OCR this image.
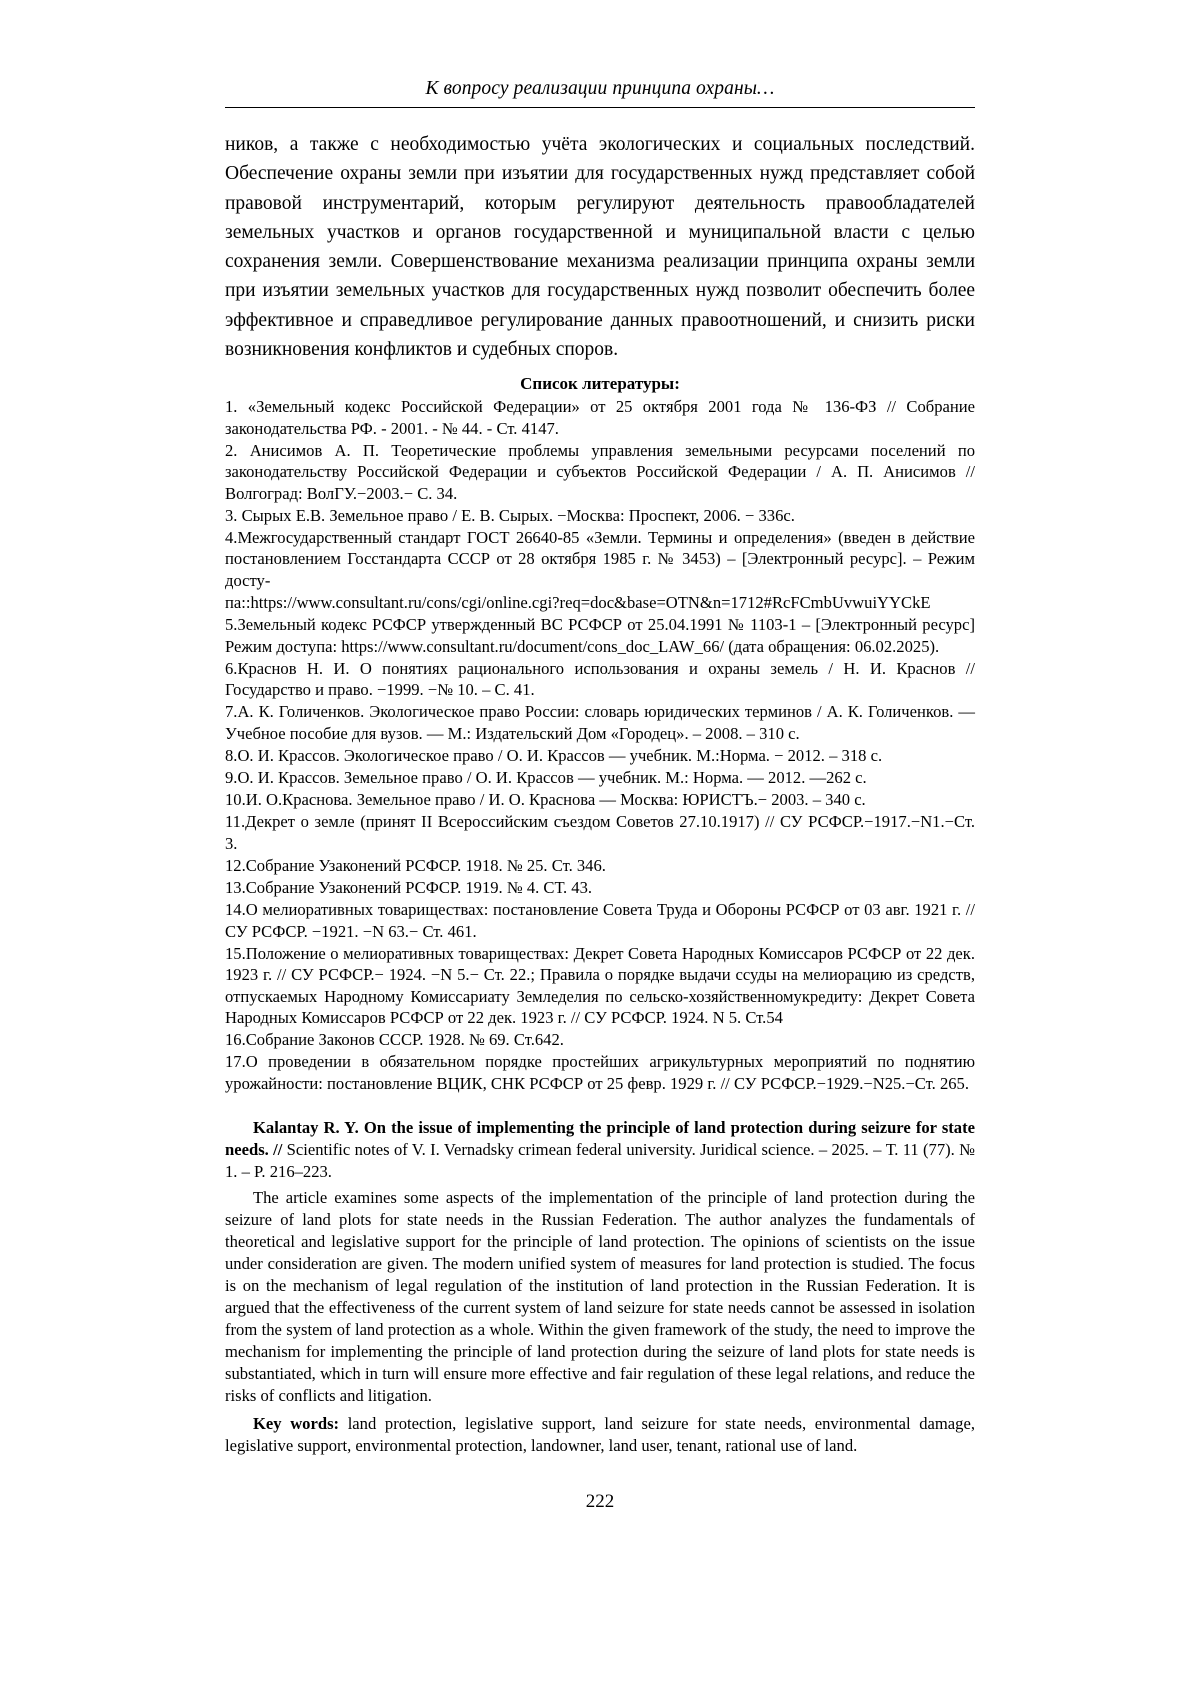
К вопросу реализации принципа охраны…

ников, а также с необходимостью учёта экологических и социальных последствий. Обеспечение охраны земли при изъятии для государственных нужд представляет собой правовой инструментарий, которым регулируют деятельность правообладателей земельных участков и органов государственной и муниципальной власти с целью сохранения земли. Совершенствование механизма реализации принципа охраны земли при изъятии земельных участков для государственных нужд позволит обеспечить более эффективное и справедливое регулирование данных правоотношений, и снизить риски возникновения конфликтов и судебных споров.

Список литературы:
1. «Земельный кодекс Российской Федерации» от 25 октября 2001 года № 136-ФЗ // Собрание законодательства РФ. - 2001. - № 44. - Ст. 4147.
2. Анисимов А. П. Теоретические проблемы управления земельными ресурсами поселений по законодательству Российской Федерации и субъектов Российской Федерации / А. П. Анисимов // Волгоград: ВолГУ.−2003.− С. 34.
3. Сырых Е.В. Земельное право / Е. В. Сырых. −Москва: Проспект, 2006. − 336с.
4.Межгосударственный стандарт ГОСТ 26640-85 «Земли. Термины и определения» (введен в действие постановлением Госстандарта СССР от 28 октября 1985 г. № 3453) – [Электронный ресурс]. – Режим досту-
па::https://www.consultant.ru/cons/cgi/online.cgi?req=doc&base=OTN&n=1712#RcFCmbUvwuiYYCkE
5.Земельный кодекс РСФСР утвержденный ВС РСФСР от 25.04.1991 № 1103-1 – [Электронный ресурс] Режим доступа: https://www.consultant.ru/document/cons_doc_LAW_66/ (дата обращения: 06.02.2025).
6.Краснов Н. И. О понятиях рационального использования и охраны земель / Н. И. Краснов // Государство и право. −1999. −№ 10. – С. 41.
7.А. К. Голиченков. Экологическое право России: словарь юридических терминов / А. К. Голиченков. — Учебное пособие для вузов. — М.: Издательский Дом «Городец». – 2008. – 310 с.
8.О. И. Крассов. Экологическое право / О. И. Крассов — учебник. М.:Норма. − 2012. – 318 с.
9.О. И. Крассов. Земельное право / О. И. Крассов — учебник. М.: Норма. — 2012. —262 с.
10.И. О.Краснова. Земельное право / И. О. Краснова — Москва: ЮРИСТЪ.− 2003. – 340 с.
11.Декрет о земле (принят II Всероссийским съездом Советов 27.10.1917) // СУ РСФСР.−1917.−N1.−Ст. 3.
12.Собрание Узаконений РСФСР. 1918. № 25. Ст. 346.
13.Собрание Узаконений РСФСР. 1919. № 4. СТ. 43.
14.О мелиоративных товариществах: постановление Совета Труда и Обороны РСФСР от 03 авг. 1921 г. // СУ РСФСР. −1921. −N 63.− Ст. 461.
15.Положение о мелиоративных товариществах: Декрет Совета Народных Комиссаров РСФСР от 22 дек. 1923 г. // СУ РСФСР.− 1924. −N 5.− Ст. 22.; Правила о порядке выдачи ссуды на мелиорацию из средств, отпускаемых Народному Комиссариату Земледелия по сельско-хозяйственномукредиту: Декрет Совета Народных Комиссаров РСФСР от 22 дек. 1923 г. // СУ РСФСР. 1924. N 5. Ст.54
16.Собрание Законов СССР. 1928. № 69. Ст.642.
17.О проведении в обязательном порядке простейших агрикультурных мероприятий по поднятию урожайности: постановление ВЦИК, СНК РСФСР от 25 февр. 1929 г. // СУ РСФСР.−1929.−N25.−Ст. 265.

Kalantay R. Y. On the issue of implementing the principle of land protection during seizure for state needs. // Scientific notes of V. I. Vernadsky crimean federal university. Juridical science. – 2025. – Т. 11 (77). № 1. – P. 216–223.

The article examines some aspects of the implementation of the principle of land protection during the seizure of land plots for state needs in the Russian Federation. The author analyzes the fundamentals of theoretical and legislative support for the principle of land protection. The opinions of scientists on the issue under consideration are given. The modern unified system of measures for land protection is studied. The focus is on the mechanism of legal regulation of the institution of land protection in the Russian Federation. It is argued that the effectiveness of the current system of land seizure for state needs cannot be assessed in isolation from the system of land protection as a whole. Within the given framework of the study, the need to improve the mechanism for implementing the principle of land protection during the seizure of land plots for state needs is substantiated, which in turn will ensure more effective and fair regulation of these legal relations, and reduce the risks of conflicts and litigation.

Key words: land protection, legislative support, land seizure for state needs, environmental damage, legislative support, environmental protection, landowner, land user, tenant, rational use of land.

222
